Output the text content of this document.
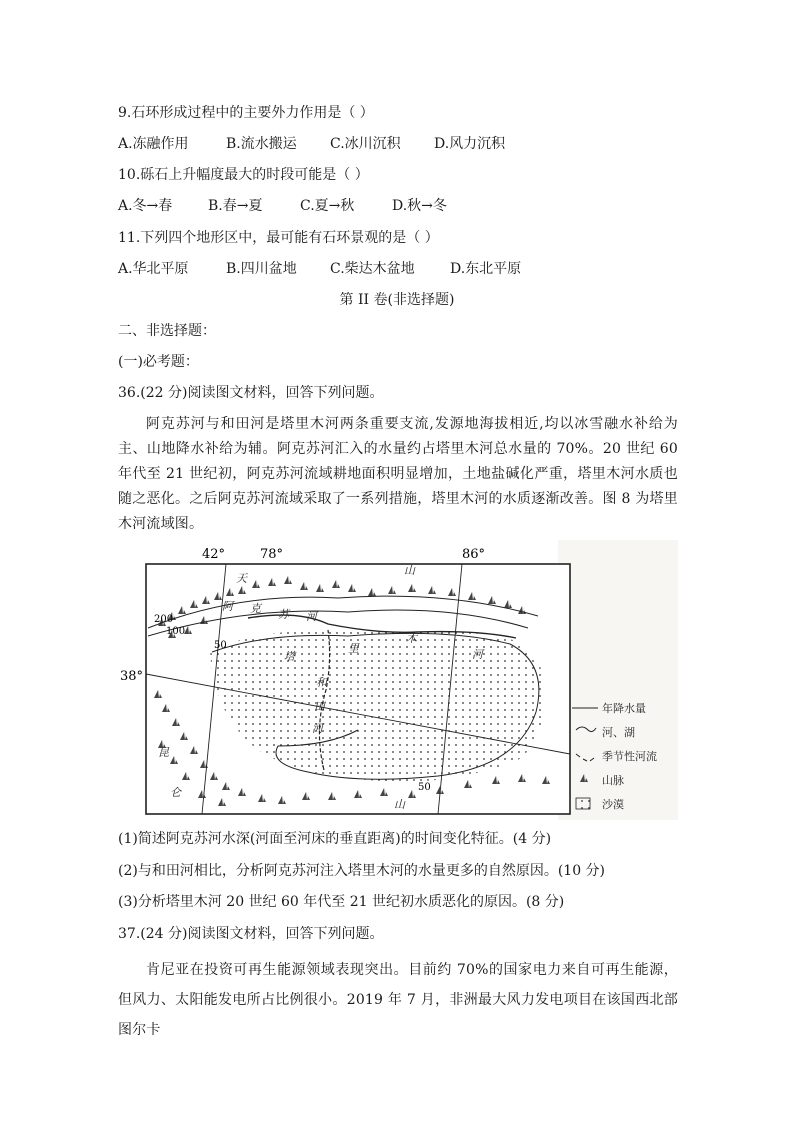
9.石环形成过程中的主要外力作用是（ ）
A.冻融作用	B.流水搬运 C.冰川沉积 D.风力沉积
10.砾石上升幅度最大的时段可能是（ ）
A.冬→春	B.春→夏	C.夏→秋	D.秋→冬
11.下列四个地形区中，最可能有石环景观的是（ ）
A.华北平原	B.四川盆地 C.柴达木盆地	D.东北平原
第 II 卷(非选择题)
二、非选择题：
(一)必考题：
36.(22 分)阅读图文材料，回答下列问题。
阿克苏河与和田河是塔里木河两条重要支流,发源地海拔相近,均以冰雪融水补给为主、山地降水补给为辅。阿克苏河汇入的水量约占塔里木河总水量的 70%。20 世纪 60 年代至 21 世纪初，阿克苏河流域耕地面积明显增加，土地盐碱化严重，塔里木河水质也随之恶化。之后阿克苏河流域采取了一系列措施，塔里木河的水质逐渐改善。图 8 为塔里木河流域图。
42°	78°	86°
38°
200
100
50
50
天
山
阿 克 苏 河
塔
里
木
河
和
田
河
昆
仑
山
年降水量
河、湖
季节性河流
山脉
沙漠
(1)简述阿克苏河水深(河面至河床的垂直距离)的时间变化特征。(4 分)
(2)与和田河相比，分析阿克苏河注入塔里木河的水量更多的自然原因。(10 分)
(3)分析塔里木河 20 世纪 60 年代至 21 世纪初水质恶化的原因。(8 分)
37.(24 分)阅读图文材料，回答下列问题。
肯尼亚在投资可再生能源领域表现突出。目前约 70%的国家电力来自可再生能源，但风力、太阳能发电所占比例很小。2019 年 7 月，非洲最大风力发电项目在该国西北部图尔卡
